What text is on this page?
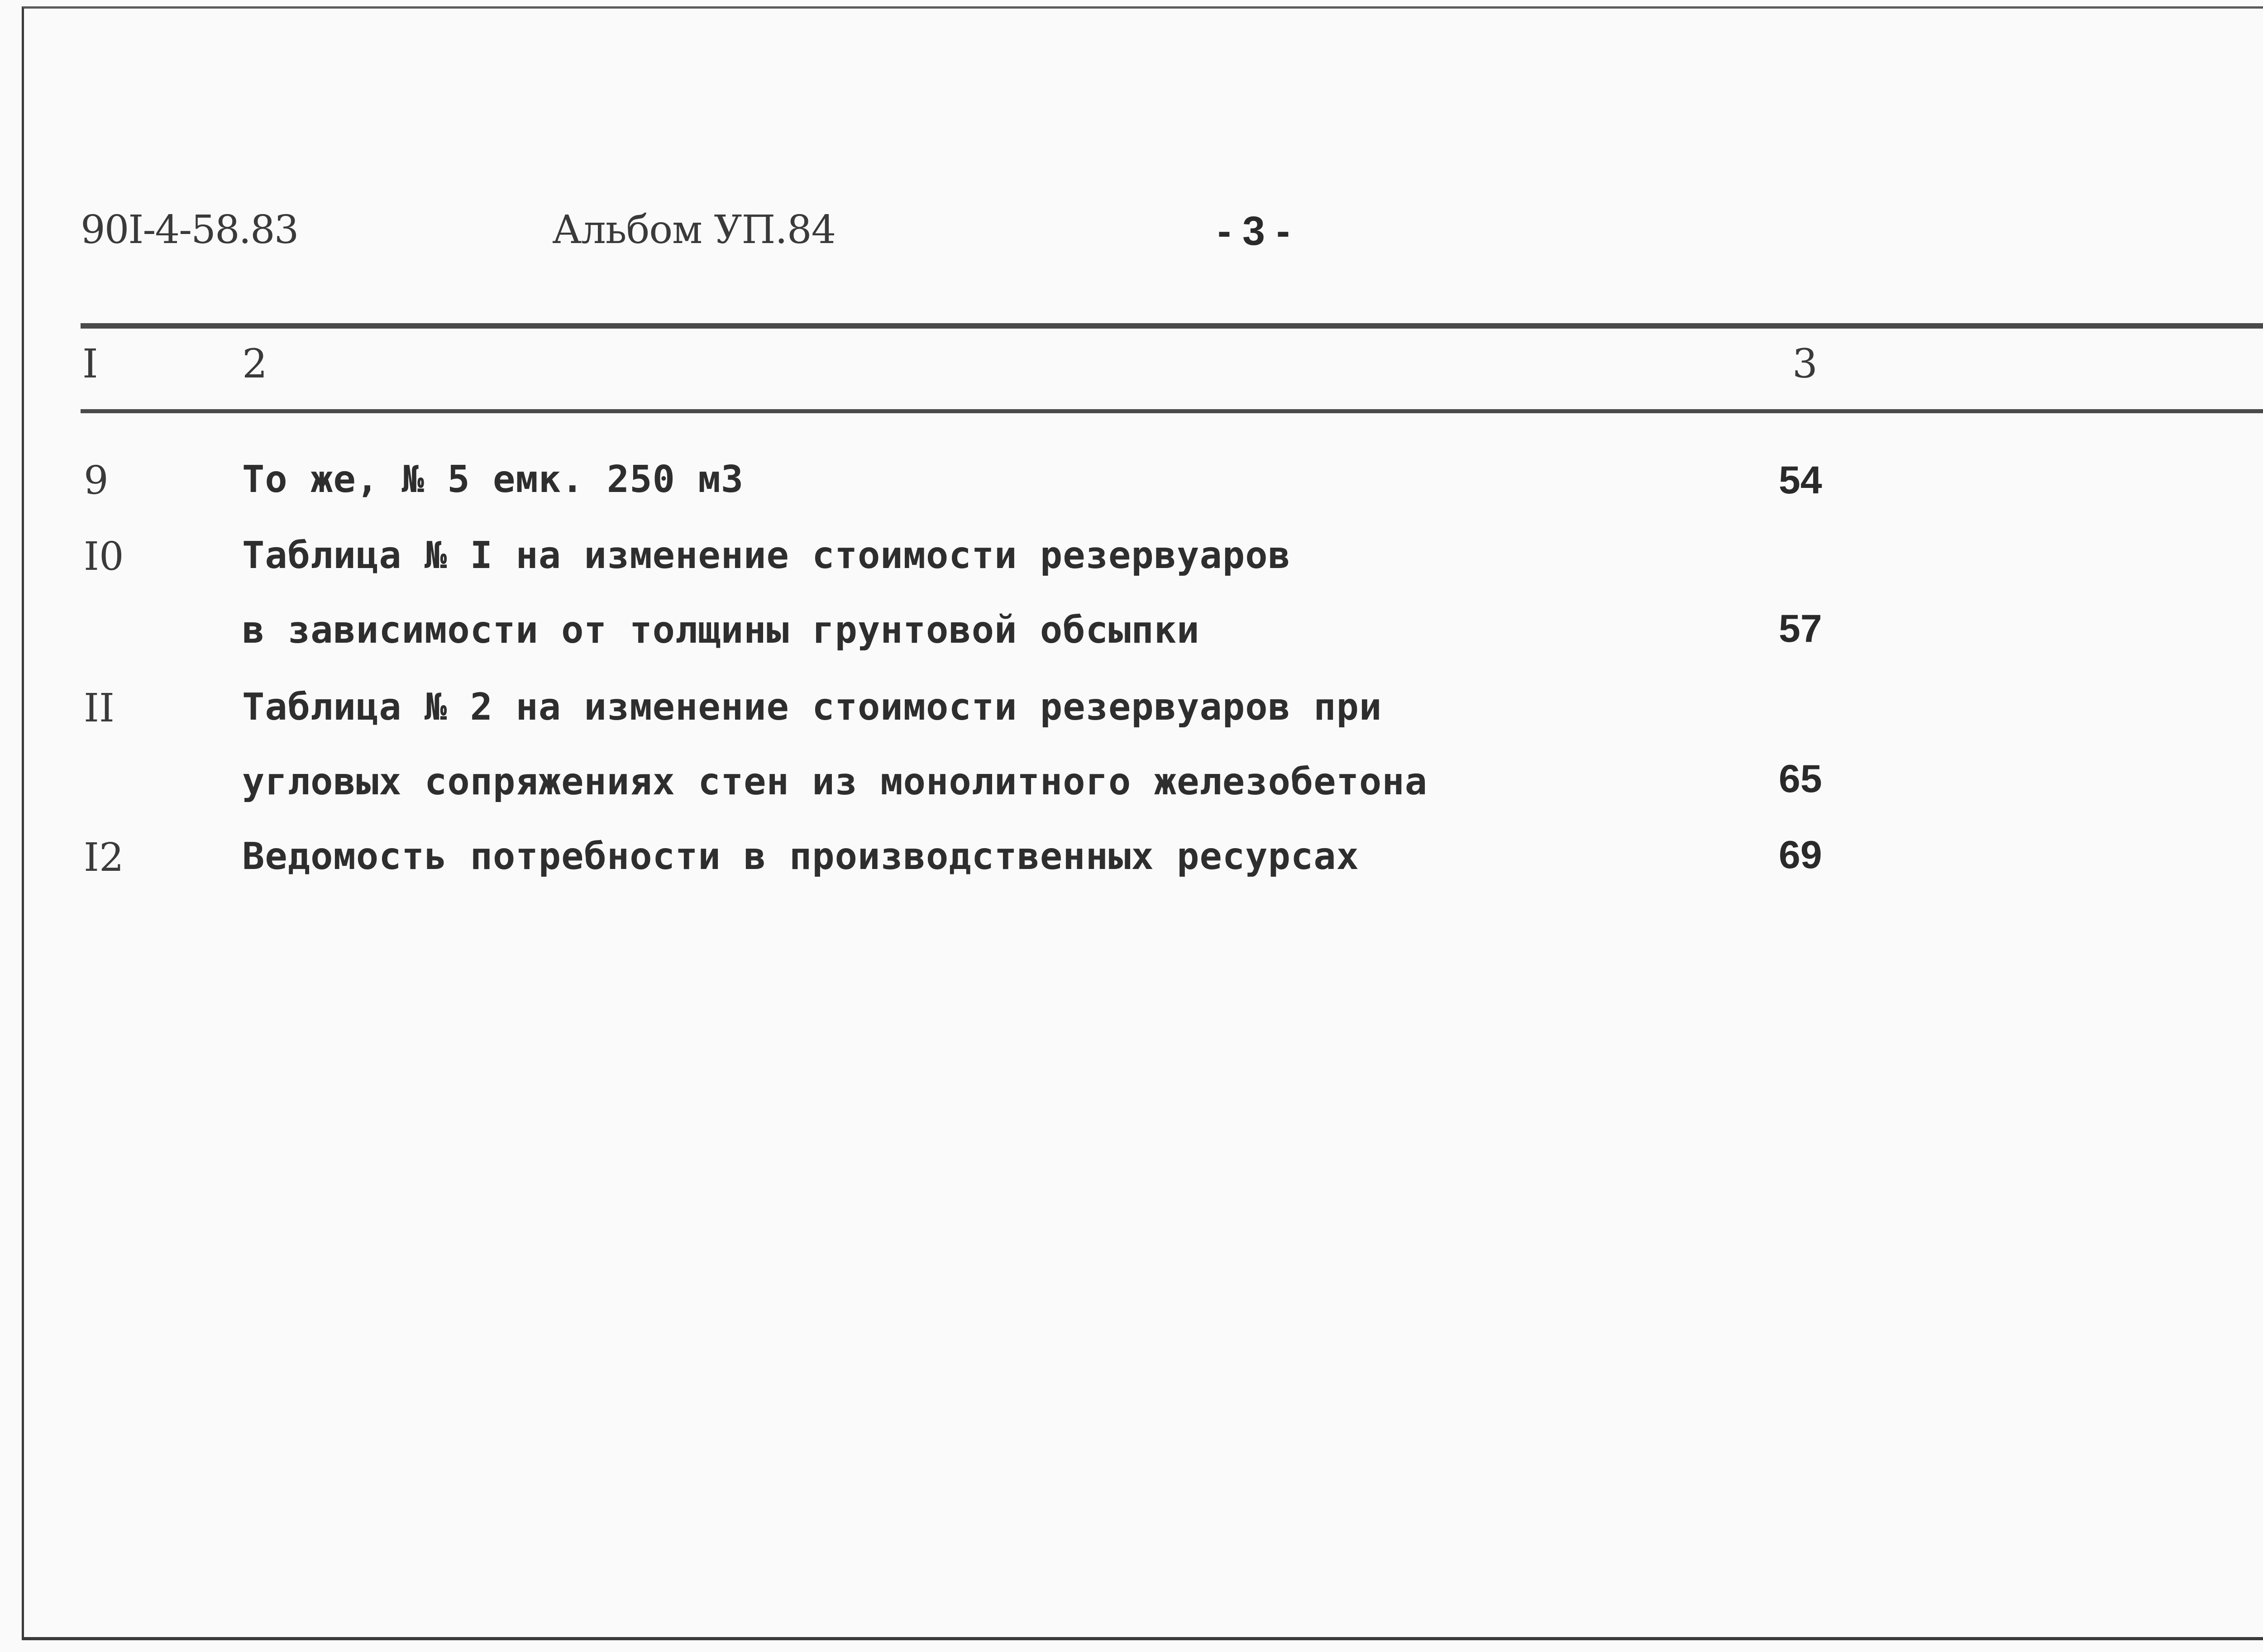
90I-4-58.83	Альбом УП.84	- 3 -
I	2	3
9	То же, № 5 емк. 250 м3	54
I0	Таблица № I на изменение стоимости резервуаров
в зависимости от толщины грунтовой обсыпки	57
II	Таблица № 2 на изменение стоимости резервуаров при
угловых сопряжениях стен из монолитного железобетона	65
I2	Ведомость потребности в производственных ресурсах	69
